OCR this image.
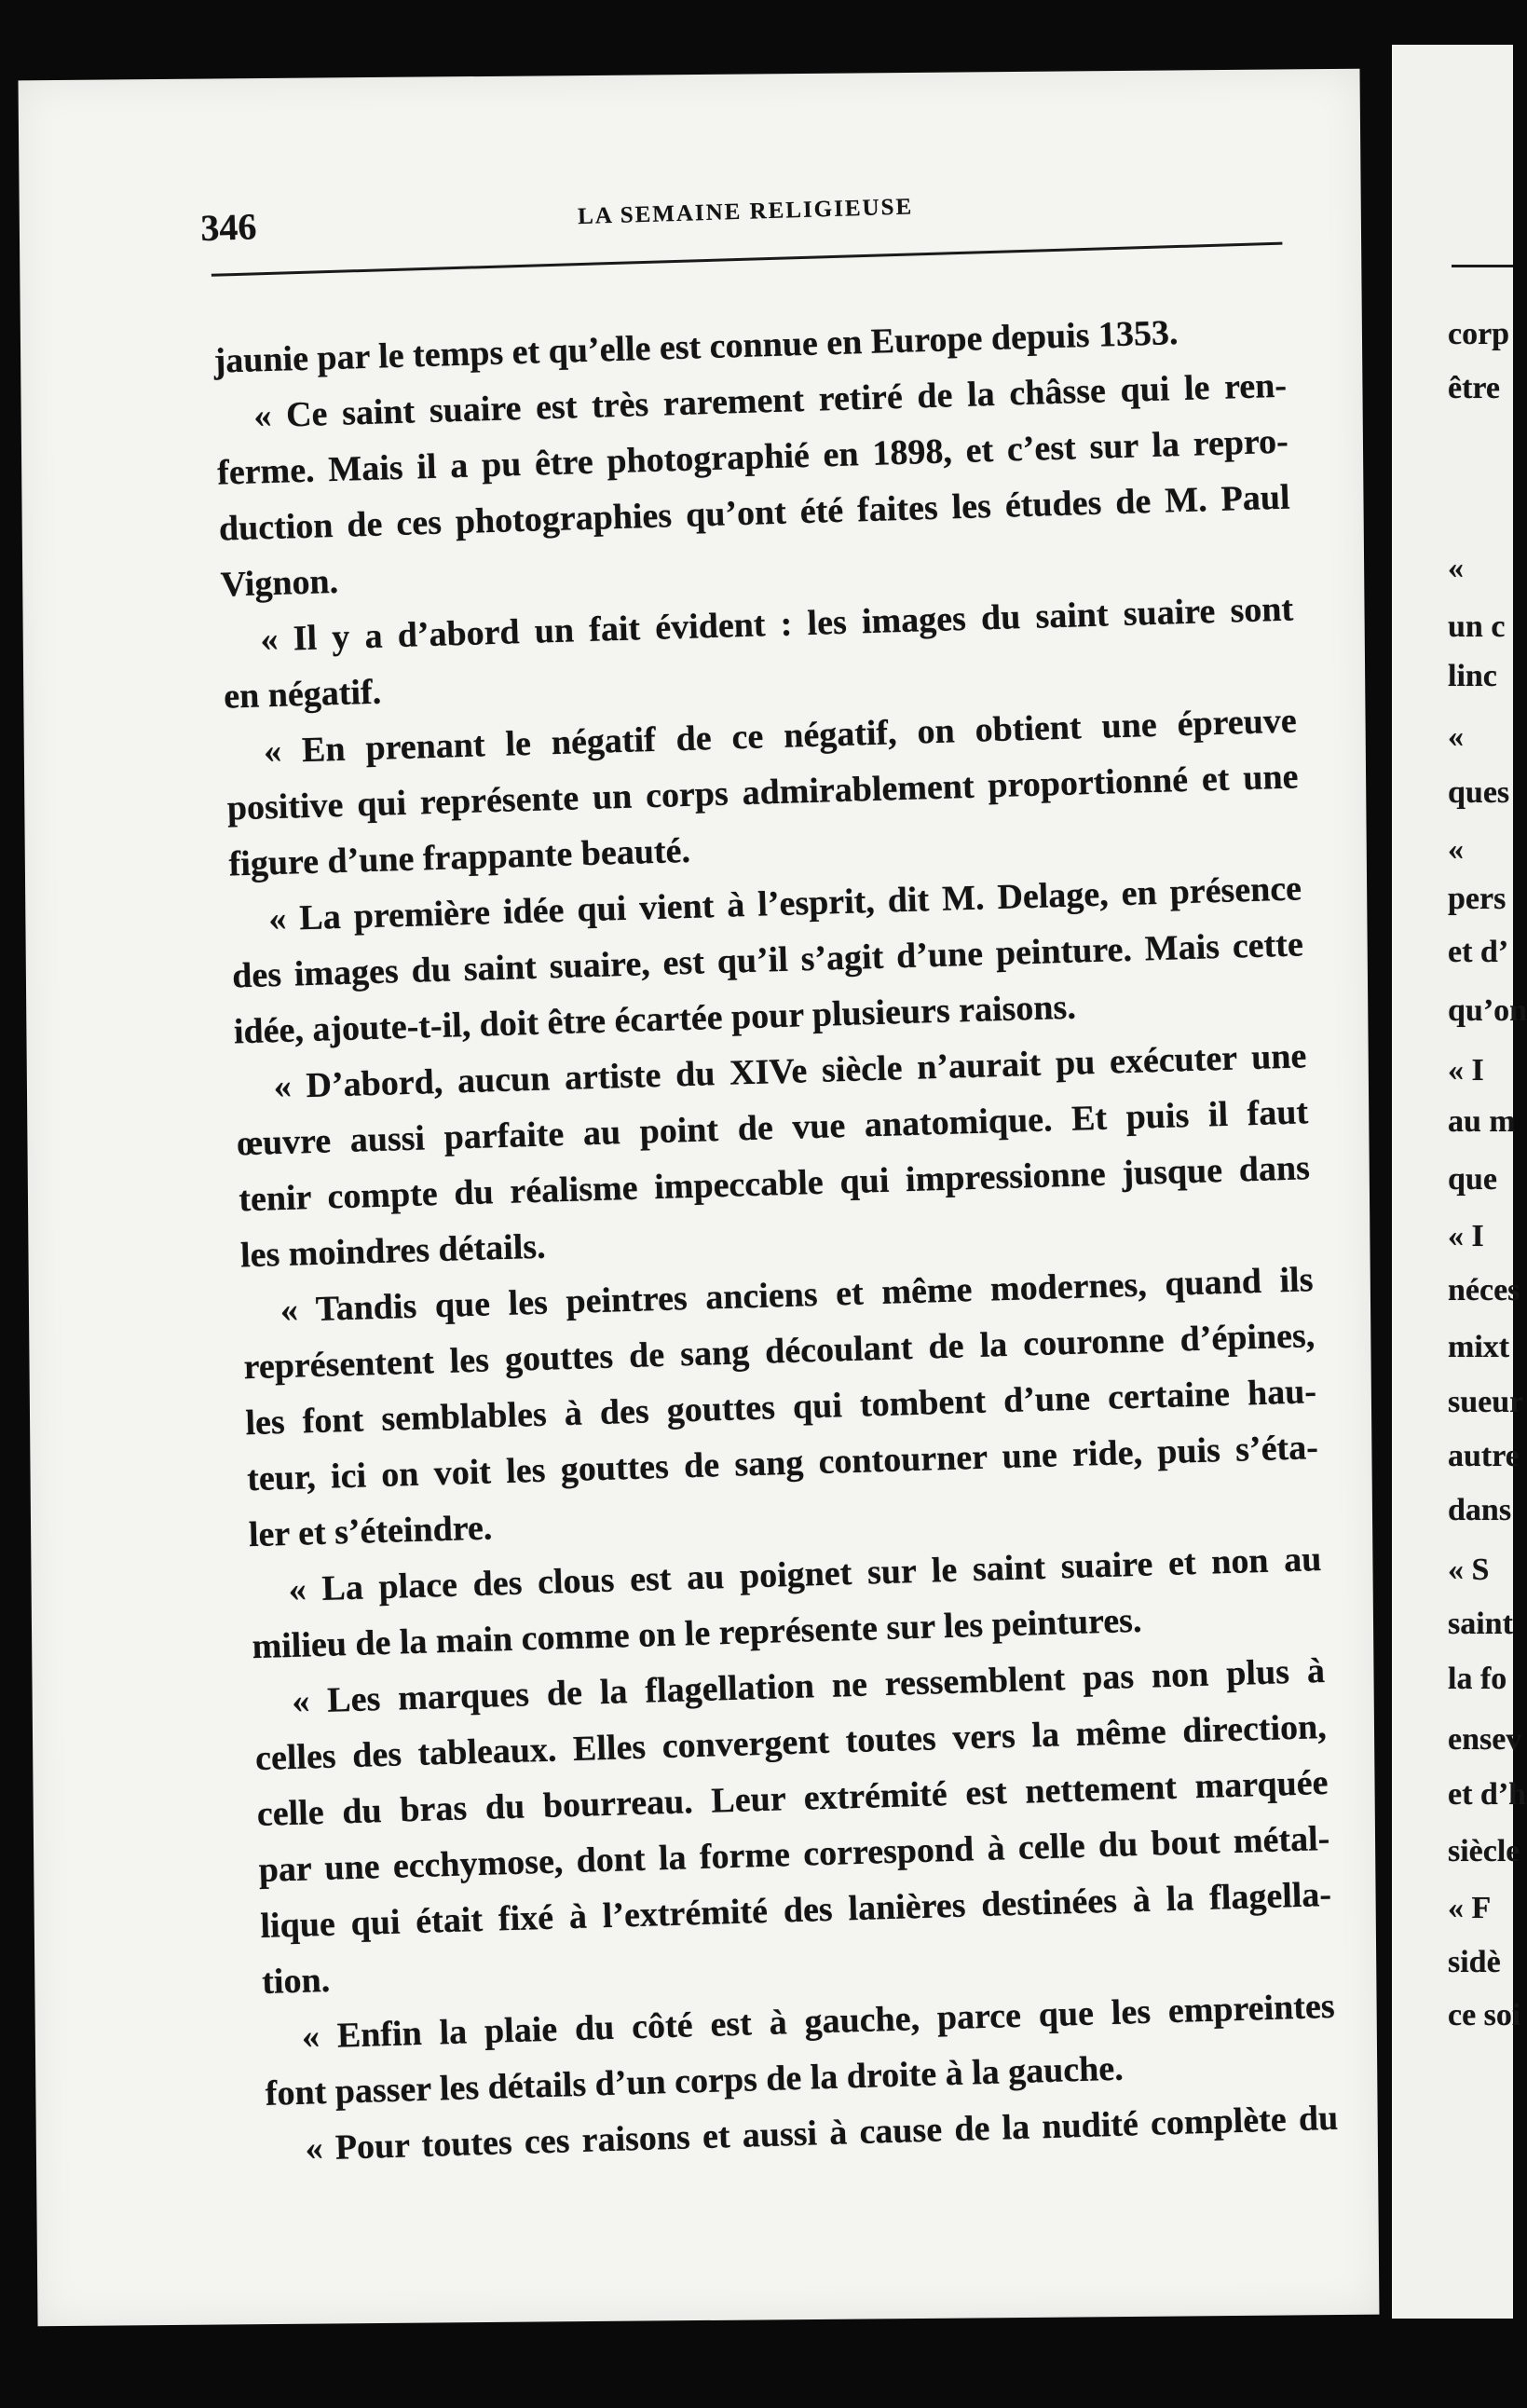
346	LA SEMAINE RELIGIEUSE
jaunie par le temps et qu’elle est connue en Europe depuis 1353.
« Ce saint suaire est très rarement retiré de la châsse qui le ren-
ferme. Mais il a pu être photographié en 1898, et c’est sur la repro-
duction de ces photographies qu’ont été faites les études de M. Paul
Vignon.
« Il y a d’abord un fait évident : les images du saint suaire sont
en négatif.
« En prenant le négatif de ce négatif, on obtient une épreuve
positive qui représente un corps admirablement proportionné et une
figure d’une frappante beauté.
« La première idée qui vient à l’esprit, dit M. Delage, en présence
des images du saint suaire, est qu’il s’agit d’une peinture. Mais cette
idée, ajoute-t-il, doit être écartée pour plusieurs raisons.
« D’abord, aucun artiste du XIVe siècle n’aurait pu exécuter une
œuvre aussi parfaite au point de vue anatomique. Et puis il faut
tenir compte du réalisme impeccable qui impressionne jusque dans
les moindres détails.
« Tandis que les peintres anciens et même modernes, quand ils
représentent les gouttes de sang découlant de la couronne d’épines,
les font semblables à des gouttes qui tombent d’une certaine hau-
teur, ici on voit les gouttes de sang contourner une ride, puis s’éta-
ler et s’éteindre.
« La place des clous est au poignet sur le saint suaire et non au
milieu de la main comme on le représente sur les peintures.
« Les marques de la flagellation ne ressemblent pas non plus à
celles des tableaux. Elles convergent toutes vers la même direction,
celle du bras du bourreau. Leur extrémité est nettement marquée
par une ecchymose, dont la forme correspond à celle du bout métal-
lique qui était fixé à l’extrémité des lanières destinées à la flagella-
tion.
« Enfin la plaie du côté est à gauche, parce que les empreintes
font passer les détails d’un corps de la droite à la gauche.
« Pour toutes ces raisons et aussi à cause de la nudité complète du
corp
être
«
un c
linc
«
ques
«
pers
et d’
qu’on
« I
au m
que
« I
néces
mixt
sueur
autre
dans
« S
saint
la fo
ensev
et d’h
siècle
« F
sidè
ce soi
